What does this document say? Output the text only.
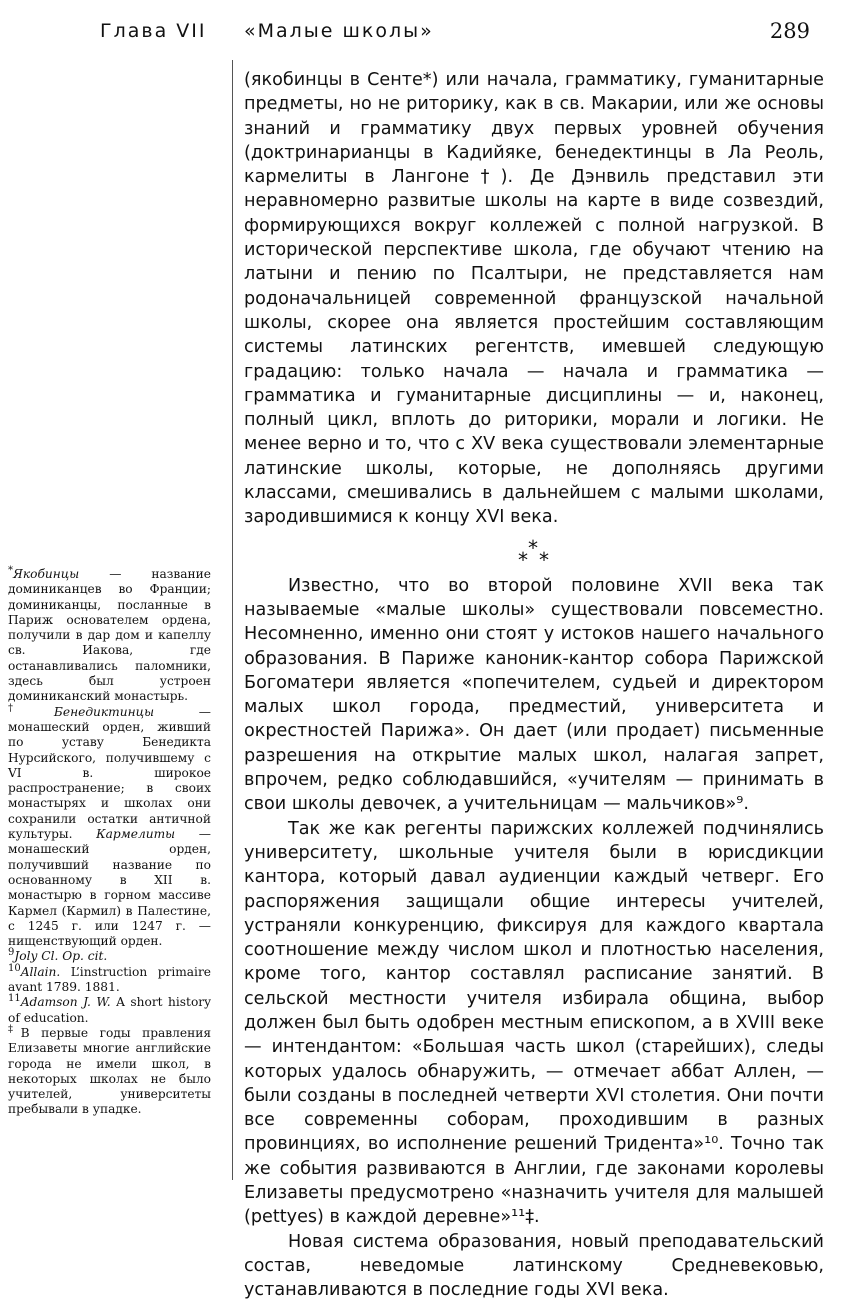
Глава VII «Малые школы»	289

(якобинцы в Сенте*) или начала, грамматику, гуманитарные предметы, но не риторику, как в св. Макарии, или же основы знаний и грамматику двух первых уровней обучения (доктринарианцы в Кадийяке, бенедектинцы в Ла Реоль, кармелиты в Лангоне†). Де Дэнвиль представил эти неравномерно развитые школы на карте в виде созвездий, формирующихся вокруг коллежей с полной нагрузкой. В исторической перспективе школа, где обучают чтению на латыни и пению по Псалтыри, не представляется нам родоначальницей современной французской начальной школы, скорее она является простейшим составляющим системы латинских регентств, имевшей следующую градацию: только начала — начала и грамматика — грамматика и гуманитарные дисциплины — и, наконец, полный цикл, вплоть до риторики, морали и логики. Не менее верно и то, что с XV века существовали элементарные латинские школы, которые, не дополняясь другими классами, смешивались в дальнейшем с малыми школами, зародившимися к концу XVI века.

*
* *

Известно, что во второй половине XVII века так называемые «малые школы» существовали повсеместно. Несомненно, именно они стоят у истоков нашего начального образования. В Париже каноник-кантор собора Парижской Богоматери является «попечителем, судьей и директором малых школ города, предместий, университета и окрестностей Парижа». Он дает (или продает) письменные разрешения на открытие малых школ, налагая запрет, впрочем, редко соблюдавшийся, «учителям — принимать в свои школы девочек, а учительницам — мальчиков»⁹.

Так же как регенты парижских коллежей подчинялись университету, школьные учителя были в юрисдикции кантора, который давал аудиенции каждый четверг. Его распоряжения защищали общие интересы учителей, устраняли конкуренцию, фиксируя для каждого квартала соотношение между числом школ и плотностью населения, кроме того, кантор составлял расписание занятий. В сельской местности учителя избирала община, выбор должен был быть одобрен местным епископом, а в XVIII веке — интендантом: «Большая часть школ (старейших), следы которых удалось обнаружить, — отмечает аббат Аллен, — были созданы в последней четверти XVI столетия. Они почти все современны соборам, проходившим в разных провинциях, во исполнение решений Тридента»¹⁰. Точно так же события развиваются в Англии, где законами королевы Елизаветы предусмотрено «назначить учителя для малышей (pettyes) в каждой деревне»¹¹‡.

Новая система образования, новый преподавательский состав, неведомые латинскому Средневековью, устанавливаются в последние годы XVI века.

*Якобинцы — название доминиканцев во Франции; доминиканцы, посланные в Париж основателем ордена, получили в дар дом и капеллу св. Иакова, где останавливались паломники, здесь был устроен доминиканский монастырь.

†Бенедиктинцы — монашеский орден, живший по уставу Бенедикта Нурсийского, получившему с VI в. широкое распространение; в своих монастырях и школах они сохранили остатки античной культуры. Кармелиты — монашеский орден, получивший название по основанному в XII в. монастырю в горном массиве Кармел (Кармил) в Палестине, с 1245 г. или 1247 г. — нищенствующий орден.

$^9$Joly Cl. Op. cit.

$^{10}$Allain. L’instruction primaire avant 1789. 1881.

$^{11}$Adamson J. W. A short history of education.

‡В первые годы правления Елизаветы многие английские города не имели школ, в некоторых школах не было учителей, университеты пребывали в упадке.
